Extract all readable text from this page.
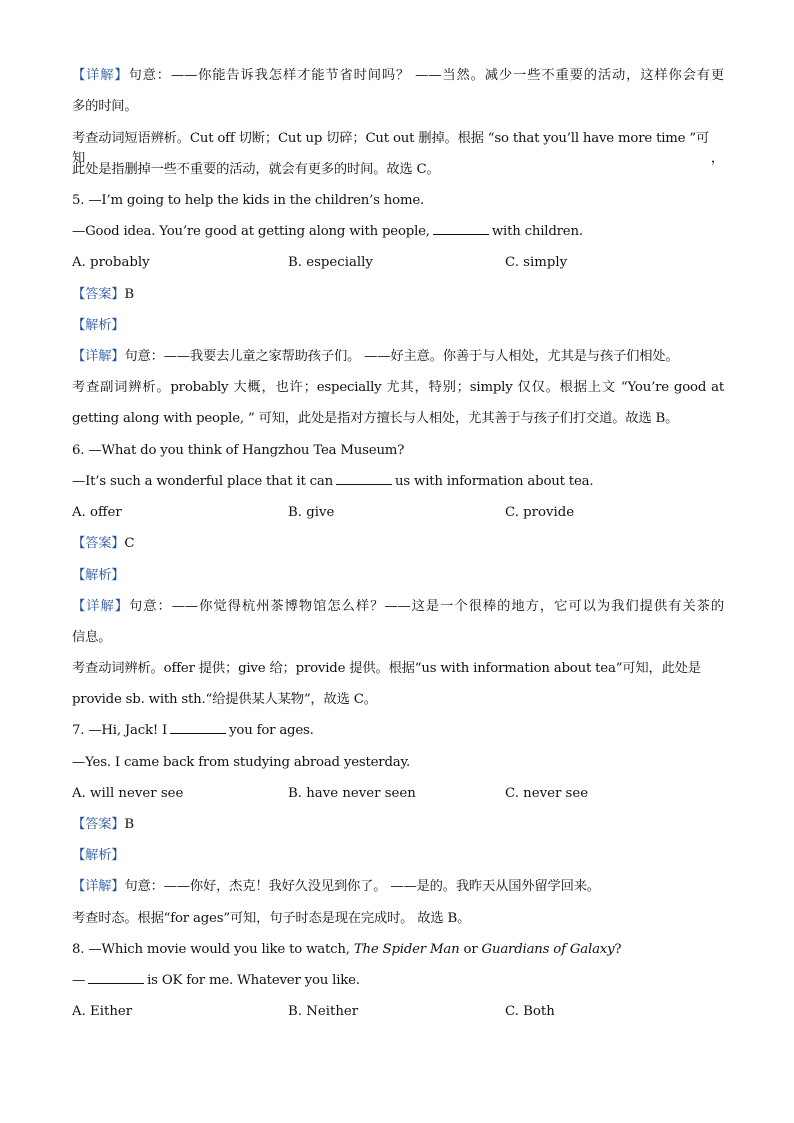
【详解】句意：——你能告诉我怎样才能节省时间吗？ ——当然。减少一些不重要的活动，这样你会有更
多的时间。
考查动词短语辨析。Cut off 切断；Cut up 切碎；Cut out 删掉。根据 “so that you’ll have more time ”可知，
此处是指删掉一些不重要的活动，就会有更多的时间。故选 C。
5. —I’m going to help the kids in the children’s home.
—Good idea. You’re good at getting along with people,	with children.
A. probably	B. especially	C. simply
【答案】B
【解析】
【详解】句意：——我要去儿童之家帮助孩子们。 ——好主意。你善于与人相处，尤其是与孩子们相处。
考查副词辨析。probably 大概，也许；especially 尤其，特别；simply 仅仅。根据上文 “You’re good at
getting along with people, ” 可知，此处是指对方擅长与人相处，尤其善于与孩子们打交道。故选 B。
6. —What do you think of Hangzhou Tea Museum?
—It’s such a wonderful place that it can	us with information about tea.
A. offer	B. give	C. provide
【答案】C
【解析】
【详解】句意：——你觉得杭州茶博物馆怎么样？——这是一个很棒的地方，它可以为我们提供有关茶的
信息。
考查动词辨析。offer 提供；give 给；provide 提供。根据“us with information about tea”可知，此处是
provide sb. with sth.“给提供某人某物”，故选 C。
7. —Hi, Jack! I	you for ages.
—Yes. I came back from studying abroad yesterday.
A. will never see	B. have never seen	C. never see
【答案】B
【解析】
【详解】句意：——你好，杰克！我好久没见到你了。 ——是的。我昨天从国外留学回来。
考查时态。根据“for ages”可知，句子时态是现在完成时。 故选 B。
8. —Which movie would you like to watch, The Spider Man or Guardians of Galaxy?
—	is OK for me. Whatever you like.
A. Either	B. Neither	C. Both
